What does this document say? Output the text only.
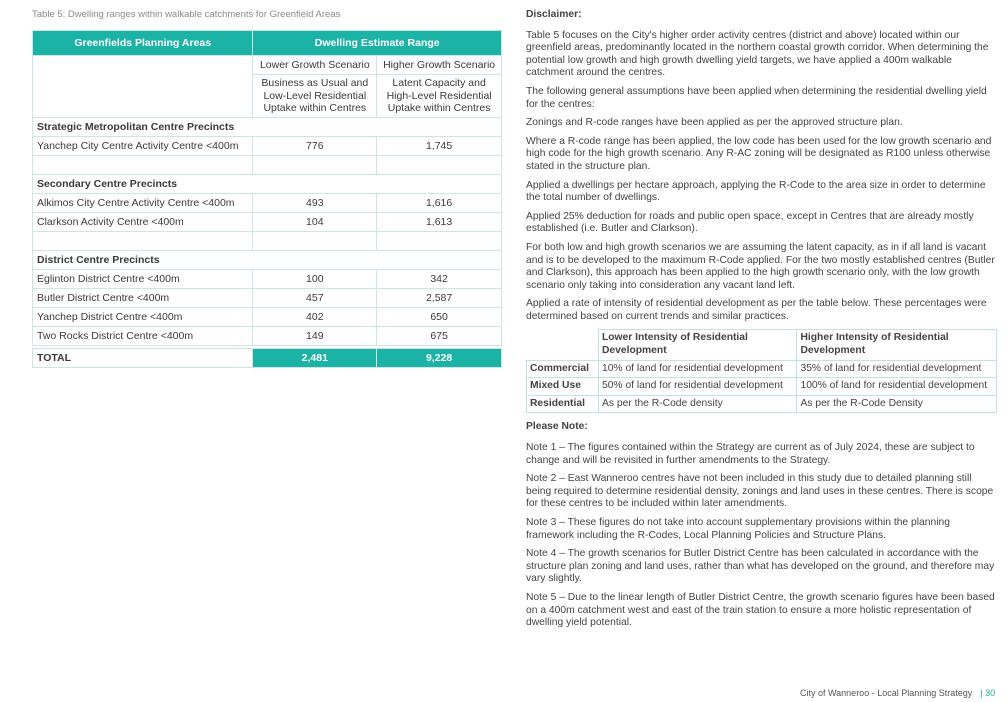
Table 5: Dwelling ranges within walkable catchments for Greenfield Areas
Greenfields Planning Areas	Dwelling Estimate Range	
	Lower Growth Scenario	Higher Growth Scenario
	Business as Usual and Low-Level Residential Uptake within Centres	Latent Capacity and High-Level Residential Uptake within Centres
Strategic Metropolitan Centre Precincts		
Yanchep City Centre Activity Centre <400m	776	1,745

Secondary Centre Precincts		
Alkimos City Centre Activity Centre <400m	493	1,616
Clarkson Activity Centre <400m	104	1,613

District Centre Precincts		
Eglinton District Centre <400m	100	342
Butler District Centre <400m	457	2,587
Yanchep District Centre <400m	402	650
Two Rocks District Centre <400m	149	675

TOTAL	2,481	9,228

Disclaimer:

Table 5 focuses on the City's higher order activity centres (district and above) located within our greenfield areas, predominantly located in the northern coastal growth corridor. When determining the potential low growth and high growth dwelling yield targets, we have applied a 400m walkable catchment around the centres.

The following general assumptions have been applied when determining the residential dwelling yield for the centres:

Zonings and R-code ranges have been applied as per the approved structure plan.

Where a R-code range has been applied, the low code has been used for the low growth scenario and high code for the high growth scenario. Any R-AC zoning will be designated as R100 unless otherwise stated in the structure plan.

Applied a dwellings per hectare approach, applying the R-Code to the area size in order to determine the total number of dwellings.

Applied 25% deduction for roads and public open space, except in Centres that are already mostly established (i.e. Butler and Clarkson).

For both low and high growth scenarios we are assuming the latent capacity, as in if all land is vacant and is to be developed to the maximum R-Code applied. For the two mostly established centres (Butler and Clarkson), this approach has been applied to the high growth scenario only, with the low growth scenario only taking into consideration any vacant land left.

Applied a rate of intensity of residential development as per the table below. These percentages were determined based on current trends and similar practices.

	Lower Intensity of Residential Development	Higher Intensity of Residential Development
Commercial	10% of land for residential development	35% of land for residential development
Mixed Use	50% of land for residential development	100% of land for residential development
Residential	As per the R-Code density	As per the R-Code Density

Please Note:

Note 1 – The figures contained within the Strategy are current as of July 2024, these are subject to change and will be revisited in further amendments to the Strategy.

Note 2 – East Wanneroo centres have not been included in this study due to detailed planning still being required to determine residential density, zonings and land uses in these centres. There is scope for these centres to be included within later amendments.

Note 3 – These figures do not take into account supplementary provisions within the planning framework including the R-Codes, Local Planning Policies and Structure Plans.

Note 4 – The growth scenarios for Butler District Centre has been calculated in accordance with the structure plan zoning and land uses, rather than what has developed on the ground, and therefore may vary slightly.

Note 5 – Due to the linear length of Butler District Centre, the growth scenario figures have been based on a 400m catchment west and east of the train station to ensure a more holistic representation of dwelling yield potential.

City of Wanneroo - Local Planning Strategy | 30
